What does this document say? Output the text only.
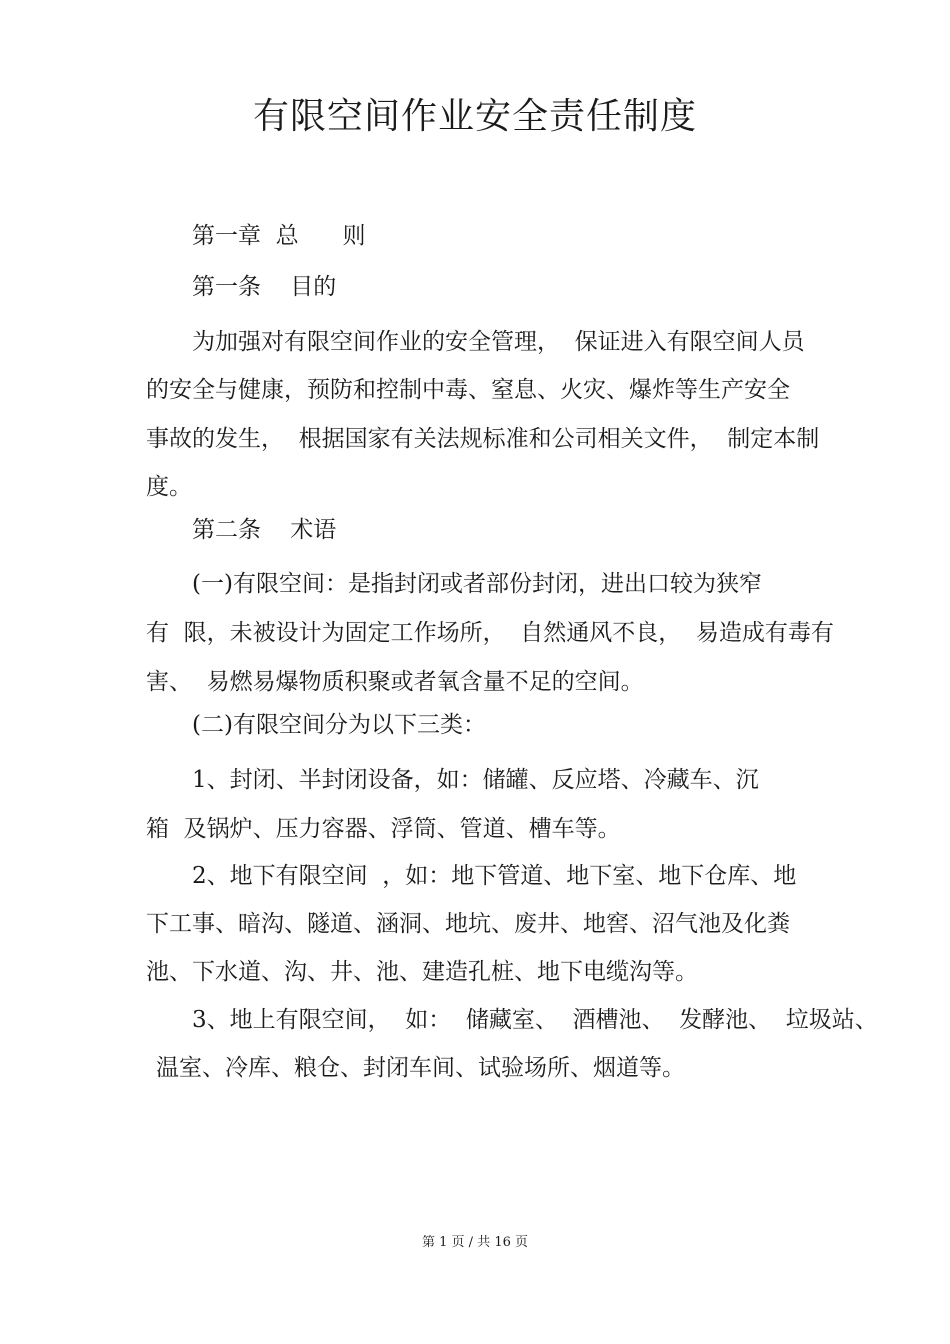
有限空间作业安全责任制度
第一章  总      则
第一条    目的
为加强对有限空间作业的安全管理，  保证进入有限空间人员
的安全与健康，预防和控制中毒、窒息、火灾、爆炸等生产安全
事故的发生，  根据国家有关法规标准和公司相关文件，  制定本制
度。
第二条    术语
(一)有限空间：是指封闭或者部份封闭，进出口较为狭窄
有  限，未被设计为固定工作场所，  自然通风不良，  易造成有毒有
害、  易燃易爆物质积聚或者氧含量不足的空间。
(二)有限空间分为以下三类：
1、封闭、半封闭设备，如：储罐、反应塔、冷藏车、沉
箱  及锅炉、压力容器、浮筒、管道、槽车等。
2、地下有限空间  ，如：地下管道、地下室、地下仓库、地
下工事、暗沟、隧道、涵洞、地坑、废井、地窖、沼气池及化粪
池、下水道、沟、井、池、建造孔桩、地下电缆沟等。
3、地上有限空间，  如：  储藏室、  酒槽池、  发酵池、  垃圾站、
温室、冷库、粮仓、封闭车间、试验场所、烟道等。
第 1 页 / 共 16 页
